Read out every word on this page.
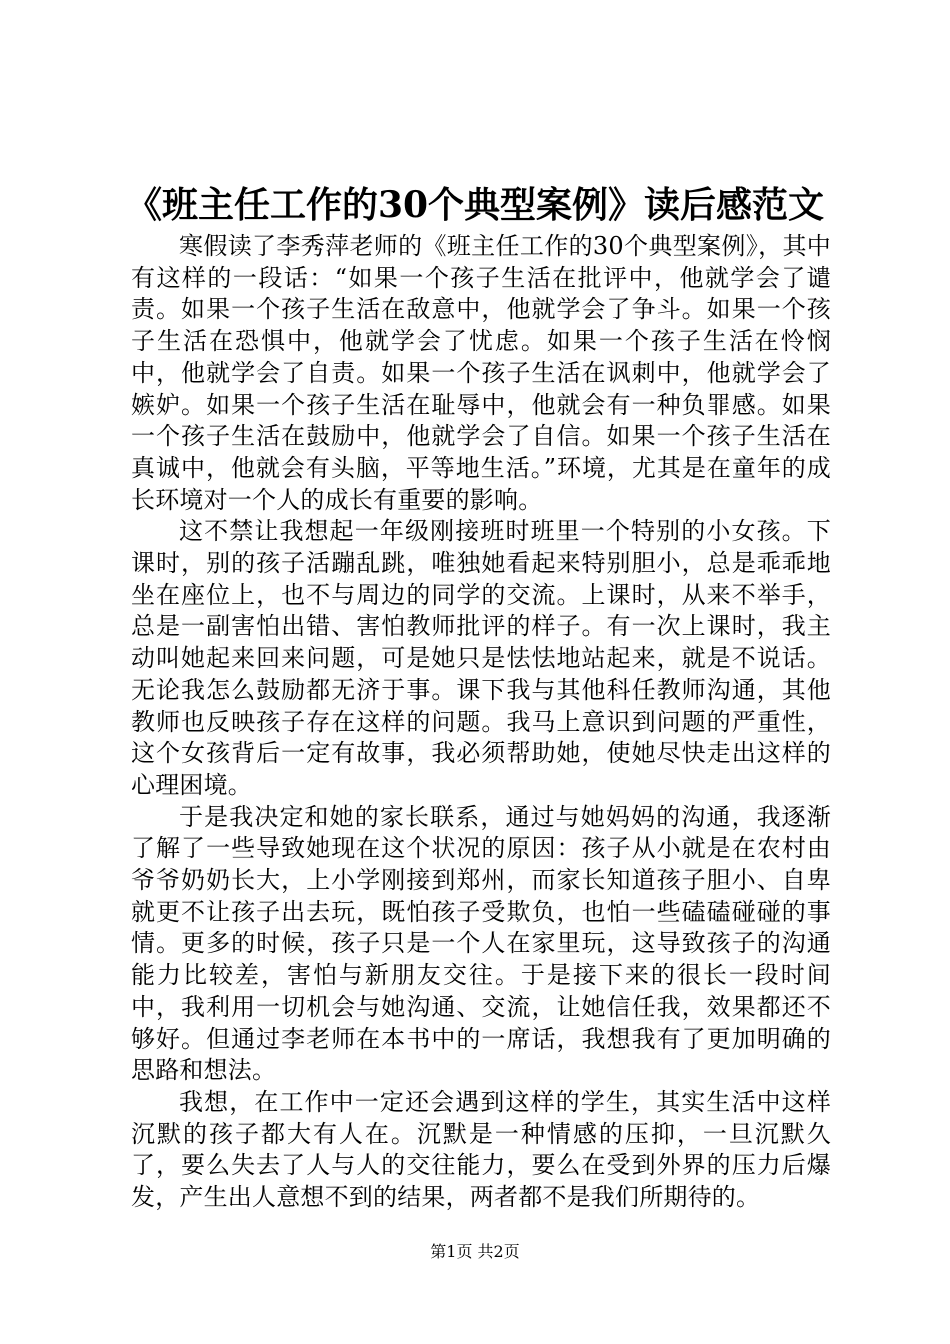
《班主任工作的30个典型案例》读后感范文

寒假读了李秀萍老师的《班主任工作的30个典型案例》，其中有这样的一段话：“如果一个孩子生活在批评中，他就学会了谴责。如果一个孩子生活在敌意中，他就学会了争斗。如果一个孩子生活在恐惧中，他就学会了忧虑。如果一个孩子生活在怜悯中，他就学会了自责。如果一个孩子生活在讽刺中，他就学会了嫉妒。如果一个孩子生活在耻辱中，他就会有一种负罪感。如果一个孩子生活在鼓励中，他就学会了自信。如果一个孩子生活在真诚中，他就会有头脑，平等地生活。”环境，尤其是在童年的成长环境对一个人的成长有重要的影响。

这不禁让我想起一年级刚接班时班里一个特别的小女孩。下课时，别的孩子活蹦乱跳，唯独她看起来特别胆小，总是乖乖地坐在座位上，也不与周边的同学的交流。上课时，从来不举手，总是一副害怕出错、害怕教师批评的样子。有一次上课时，我主动叫她起来回来问题，可是她只是怯怯地站起来，就是不说话。无论我怎么鼓励都无济于事。课下我与其他科任教师沟通，其他教师也反映孩子存在这样的问题。我马上意识到问题的严重性，这个女孩背后一定有故事，我必须帮助她，使她尽快走出这样的心理困境。

于是我决定和她的家长联系，通过与她妈妈的沟通，我逐渐了解了一些导致她现在这个状况的原因：孩子从小就是在农村由爷爷奶奶长大，上小学刚接到郑州，而家长知道孩子胆小、自卑就更不让孩子出去玩，既怕孩子受欺负，也怕一些磕磕碰碰的事情。更多的时候，孩子只是一个人在家里玩，这导致孩子的沟通能力比较差，害怕与新朋友交往。于是接下来的很长一段时间中，我利用一切机会与她沟通、交流，让她信任我，效果都还不够好。但通过李老师在本书中的一席话，我想我有了更加明确的思路和想法。

我想，在工作中一定还会遇到这样的学生，其实生活中这样沉默的孩子都大有人在。沉默是一种情感的压抑，一旦沉默久了，要么失去了人与人的交往能力，要么在受到外界的压力后爆发，产生出人意想不到的结果，两者都不是我们所期待的。

第1页 共2页
